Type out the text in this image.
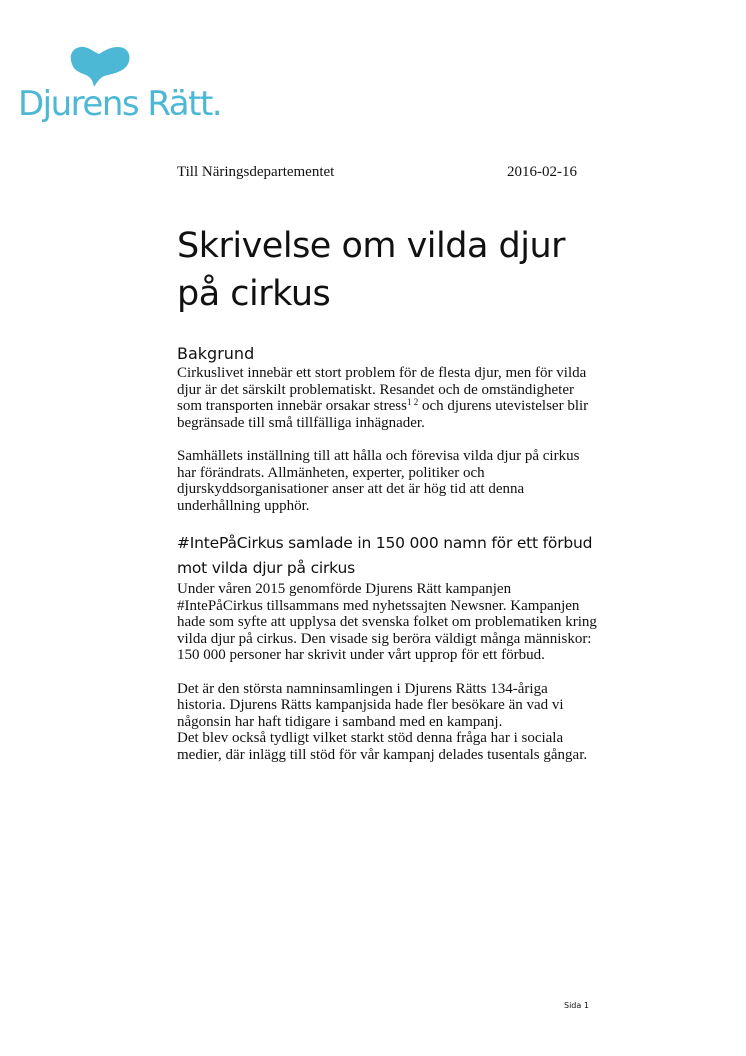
Djurens Rätt.
Till Näringsdepartementet	2016-02-16
Skrivelse om vilda djur
på cirkus
Bakgrund

Cirkuslivet innebär ett stort problem för de flesta djur, men för vilda djur är det särskilt problematiskt. Resandet och de omständigheter som transporten innebär orsakar stress$^{1 2}$ och djurens utevistelser blir begränsade till små tillfälliga inhägnader.

Samhällets inställning till att hålla och förevisa vilda djur på cirkus har förändrats. Allmänheten, experter, politiker och djurskyddsorganisationer anser att det är hög tid att denna underhållning upphör.

#IntePåCirkus samlade in 150 000 namn för ett förbud mot vilda djur på cirkus

Under våren 2015 genomförde Djurens Rätt kampanjen #IntePåCirkus tillsammans med nyhetssajten Newsner. Kampanjen hade som syfte att upplysa det svenska folket om problematiken kring vilda djur på cirkus. Den visade sig beröra väldigt många människor: 150 000 personer har skrivit under vårt upprop för ett förbud.

Det är den största namninsamlingen i Djurens Rätts 134-åriga historia. Djurens Rätts kampanjsida hade fler besökare än vad vi någonsin har haft tidigare i samband med en kampanj.

Det blev också tydligt vilket starkt stöd denna fråga har i sociala medier, där inlägg till stöd för vår kampanj delades tusentals gångar.

Sida 1
